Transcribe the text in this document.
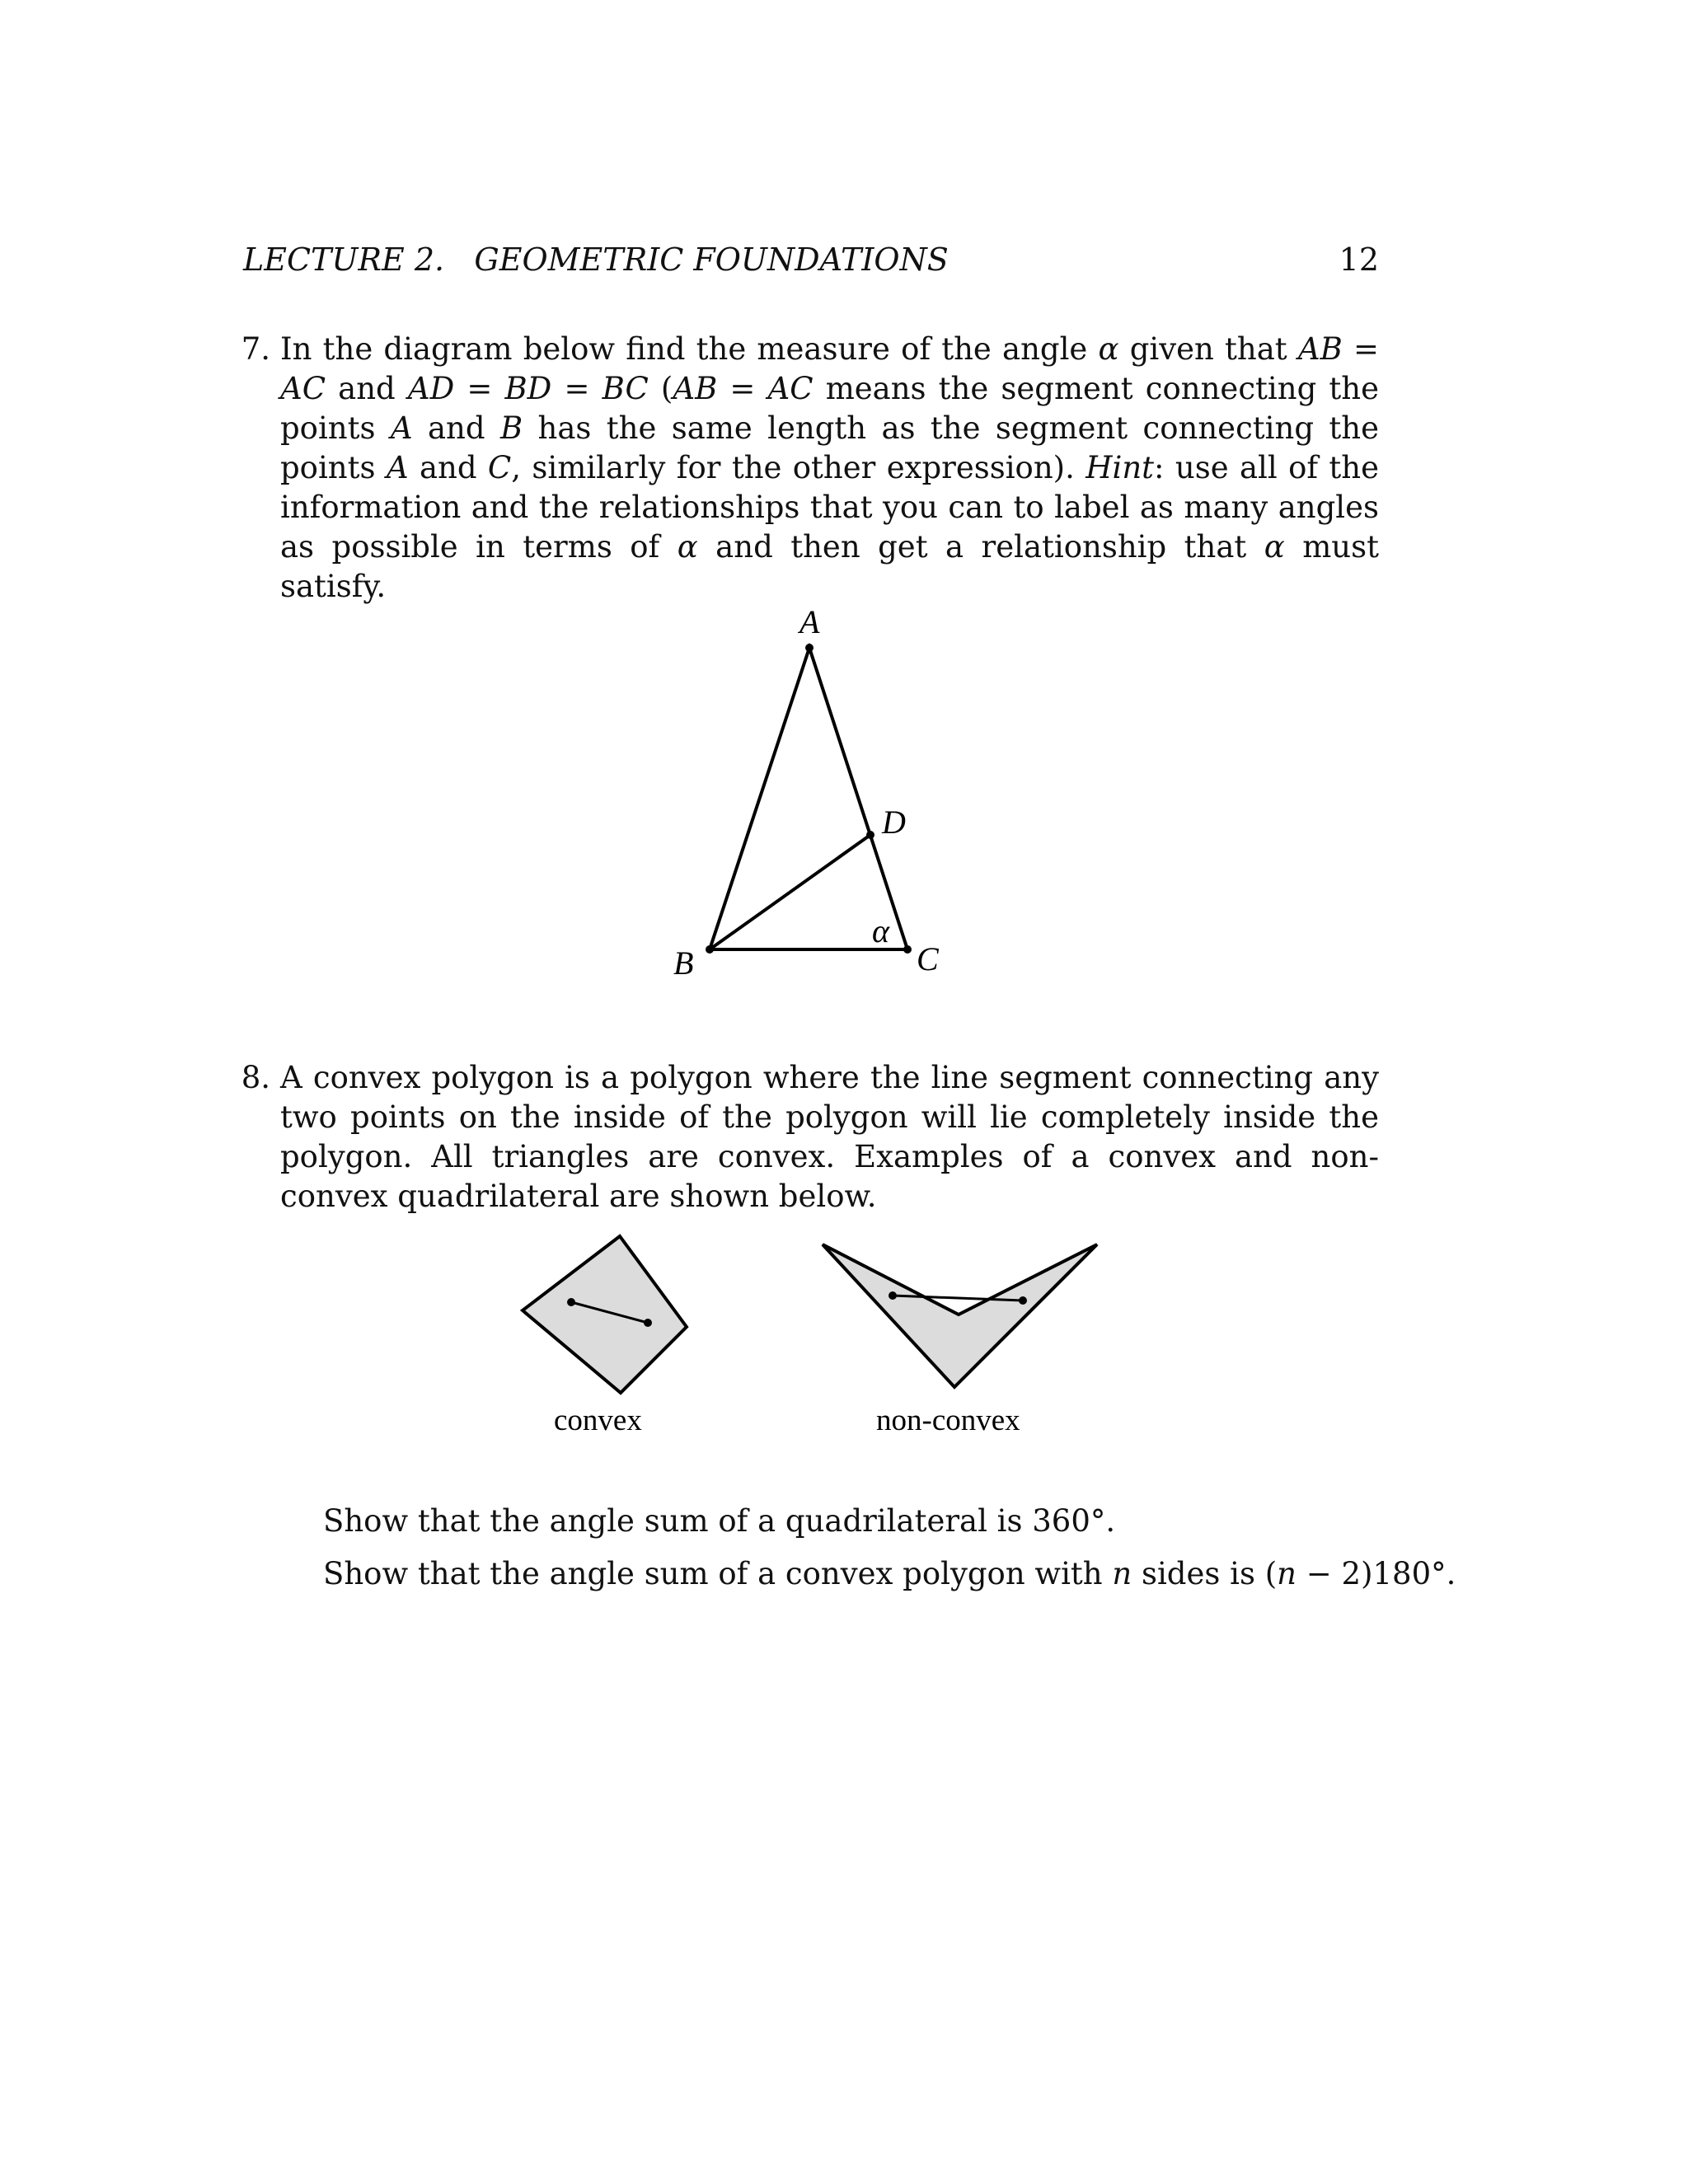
LECTURE 2.   GEOMETRIC FOUNDATIONS	12
7. In the diagram below find the measure of the angle α given that AB = AC and AD = BD = BC (AB = AC means the segment connecting the points A and B has the same length as the segment connecting the points A and C, similarly for the other expression). Hint: use all of the information and the relationships that you can to label as many angles as possible in terms of α and then get a relationship that α must satisfy.
A
D
α
B	C
8. A convex polygon is a polygon where the line segment connecting any two points on the inside of the polygon will lie completely inside the polygon. All triangles are convex. Examples of a convex and non-convex quadrilateral are shown below.
convex	non-convex
Show that the angle sum of a quadrilateral is 360°.
Show that the angle sum of a convex polygon with n sides is (n − 2)180°.
